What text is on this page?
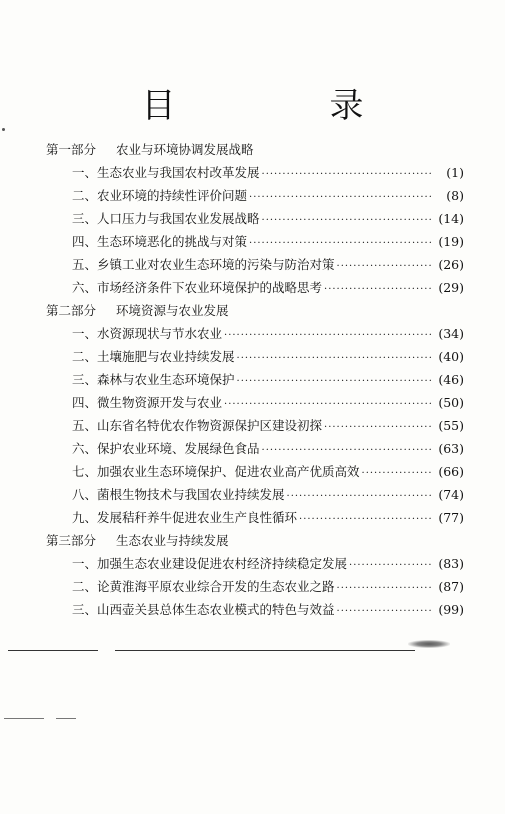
目　录
第一部分 农业与环境协调发展战略
一、生态农业与我国农村改革发展 ·····	(1)
二、农业环境的持续性评价问题 ·····	(8)
三、人口压力与我国农业发展战略 ·····	(14)
四、生态环境恶化的挑战与对策 ·····	(19)
五、乡镇工业对农业生态环境的污染与防治对策 ·····	(26)
六、市场经济条件下农业环境保护的战略思考 ·····	(29)
第二部分 环境资源与农业发展
一、水资源现状与节水农业 ·····	(34)
二、土壤施肥与农业持续发展 ·····	(40)
三、森林与农业生态环境保护 ·····	(46)
四、微生物资源开发与农业 ·····	(50)
五、山东省名特优农作物资源保护区建设初探 ·····	(55)
六、保护农业环境、发展绿色食品 ·····	(63)
七、加强农业生态环境保护、促进农业高产优质高效 ·····	(66)
八、菌根生物技术与我国农业持续发展 ·····	(74)
九、发展秸秆养牛促进农业生产良性循环 ·····	(77)
第三部分 生态农业与持续发展
一、加强生态农业建设促进农村经济持续稳定发展 ·····	(83)
二、论黄淮海平原农业综合开发的生态农业之路 ·····	(87)
三、山西壶关县总体生态农业模式的特色与效益 ·····	(99)
